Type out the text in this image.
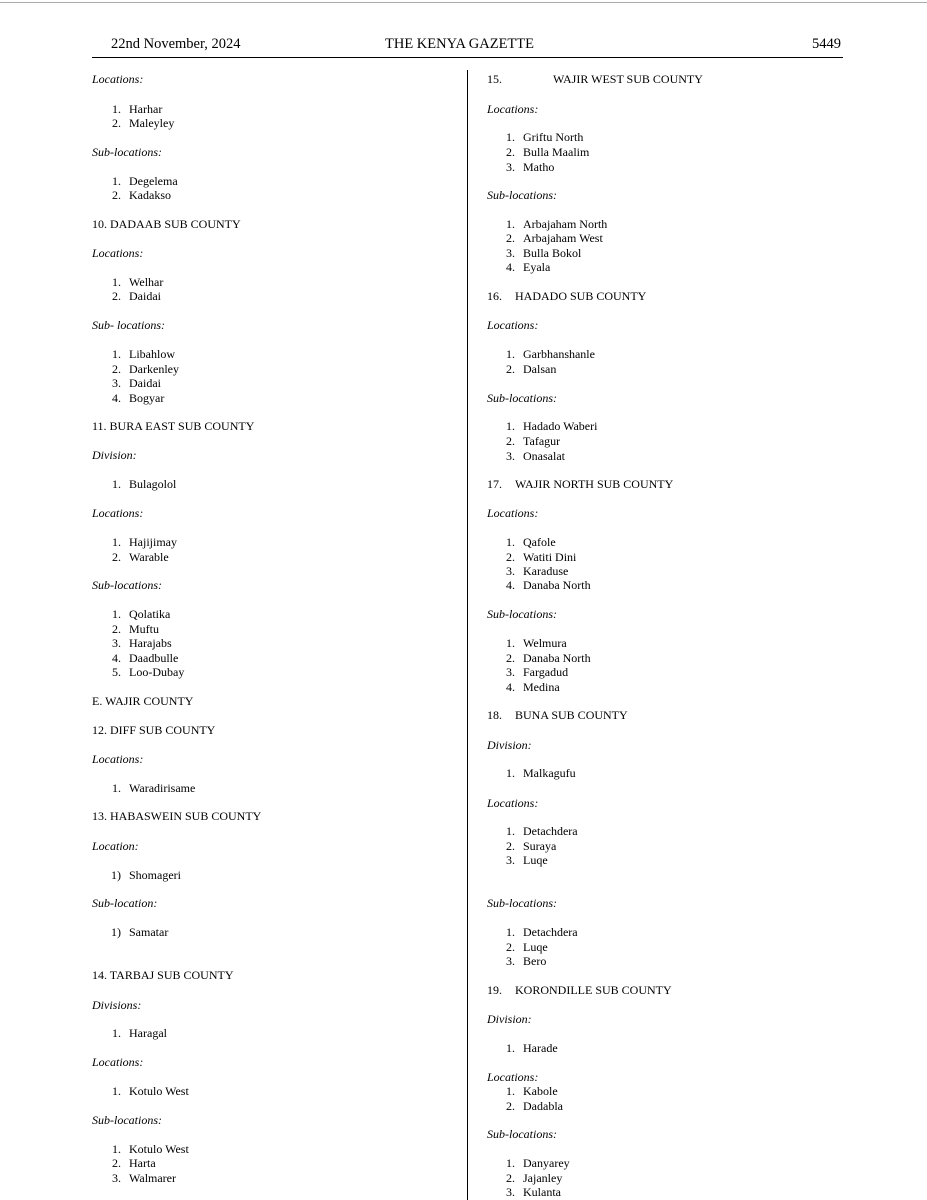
22nd November, 2024	THE KENYA GAZETTE	5449
Locations:
1. Harhar
2. Maleyley
Sub-locations:
1. Degelema
2. Kadakso
10. DADAAB SUB COUNTY
Locations:
1. Welhar
2. Daidai
Sub- locations:
1. Libahlow
2. Darkenley
3. Daidai
4. Bogyar
11. BURA EAST SUB COUNTY
Division:
1. Bulagolol
Locations:
1. Hajijimay
2. Warable
Sub-locations:
1. Qolatika
2. Muftu
3. Harajabs
4. Daadbulle
5. Loo-Dubay
E. WAJIR COUNTY
12. DIFF SUB COUNTY
Locations:
1. Waradirisame
13. HABASWEIN SUB COUNTY
Location:
1) Shomageri
Sub-location:
1) Samatar
14. TARBAJ SUB COUNTY
Divisions:
1. Haragal
Locations:
1. Kotulo West
Sub-locations:
1. Kotulo West
2. Harta
3. Walmarer
15.	WAJIR WEST SUB COUNTY
Locations:
1. Griftu North
2. Bulla Maalim
3. Matho
Sub-locations:
1. Arbajaham North
2. Arbajaham West
3. Bulla Bokol
4. Eyala
16. HADADO SUB COUNTY
Locations:
1. Garbhanshanle
2. Dalsan
Sub-locations:
1. Hadado Waberi
2. Tafagur
3. Onasalat
17. WAJIR NORTH SUB COUNTY
Locations:
1. Qafole
2. Watiti Dini
3. Karaduse
4. Danaba North
Sub-locations:
1. Welmura
2. Danaba North
3. Fargadud
4. Medina
18. BUNA SUB COUNTY
Division:
1. Malkagufu
Locations:
1. Detachdera
2. Suraya
3. Luqe
Sub-locations:
1. Detachdera
2. Luqe
3. Bero
19. KORONDILLE SUB COUNTY
Division:
1. Harade
Locations:
1. Kabole
2. Dadabla
Sub-locations:
1. Danyarey
2. Jajanley
3. Kulanta
